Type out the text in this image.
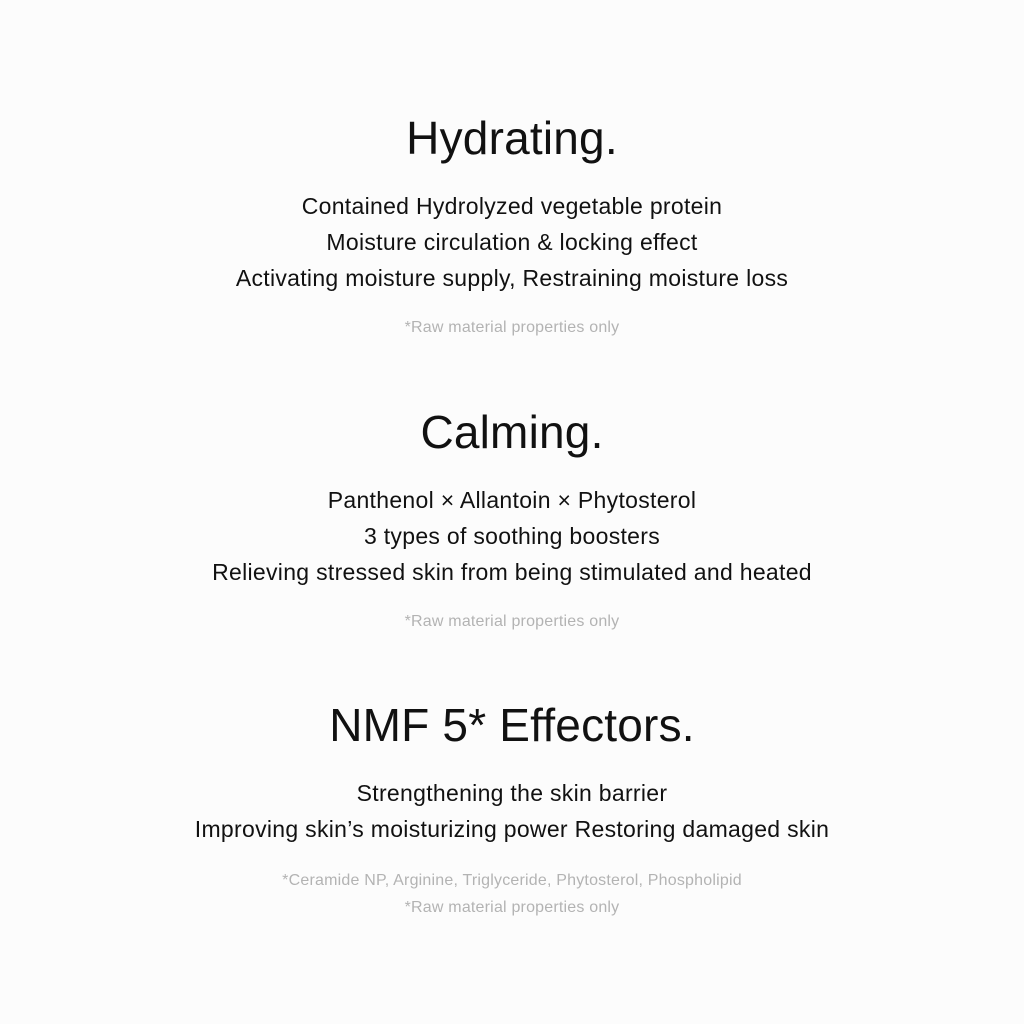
Hydrating.
Contained Hydrolyzed vegetable protein
Moisture circulation & locking effect
Activating moisture supply, Restraining moisture loss
*Raw material properties only
Calming.
Panthenol × Allantoin × Phytosterol
3 types of soothing boosters
Relieving stressed skin from being stimulated and heated
*Raw material properties only
NMF 5* Effectors.
Strengthening the skin barrier
Improving skin’s moisturizing power Restoring damaged skin
*Ceramide NP, Arginine, Triglyceride, Phytosterol, Phospholipid
*Raw material properties only
